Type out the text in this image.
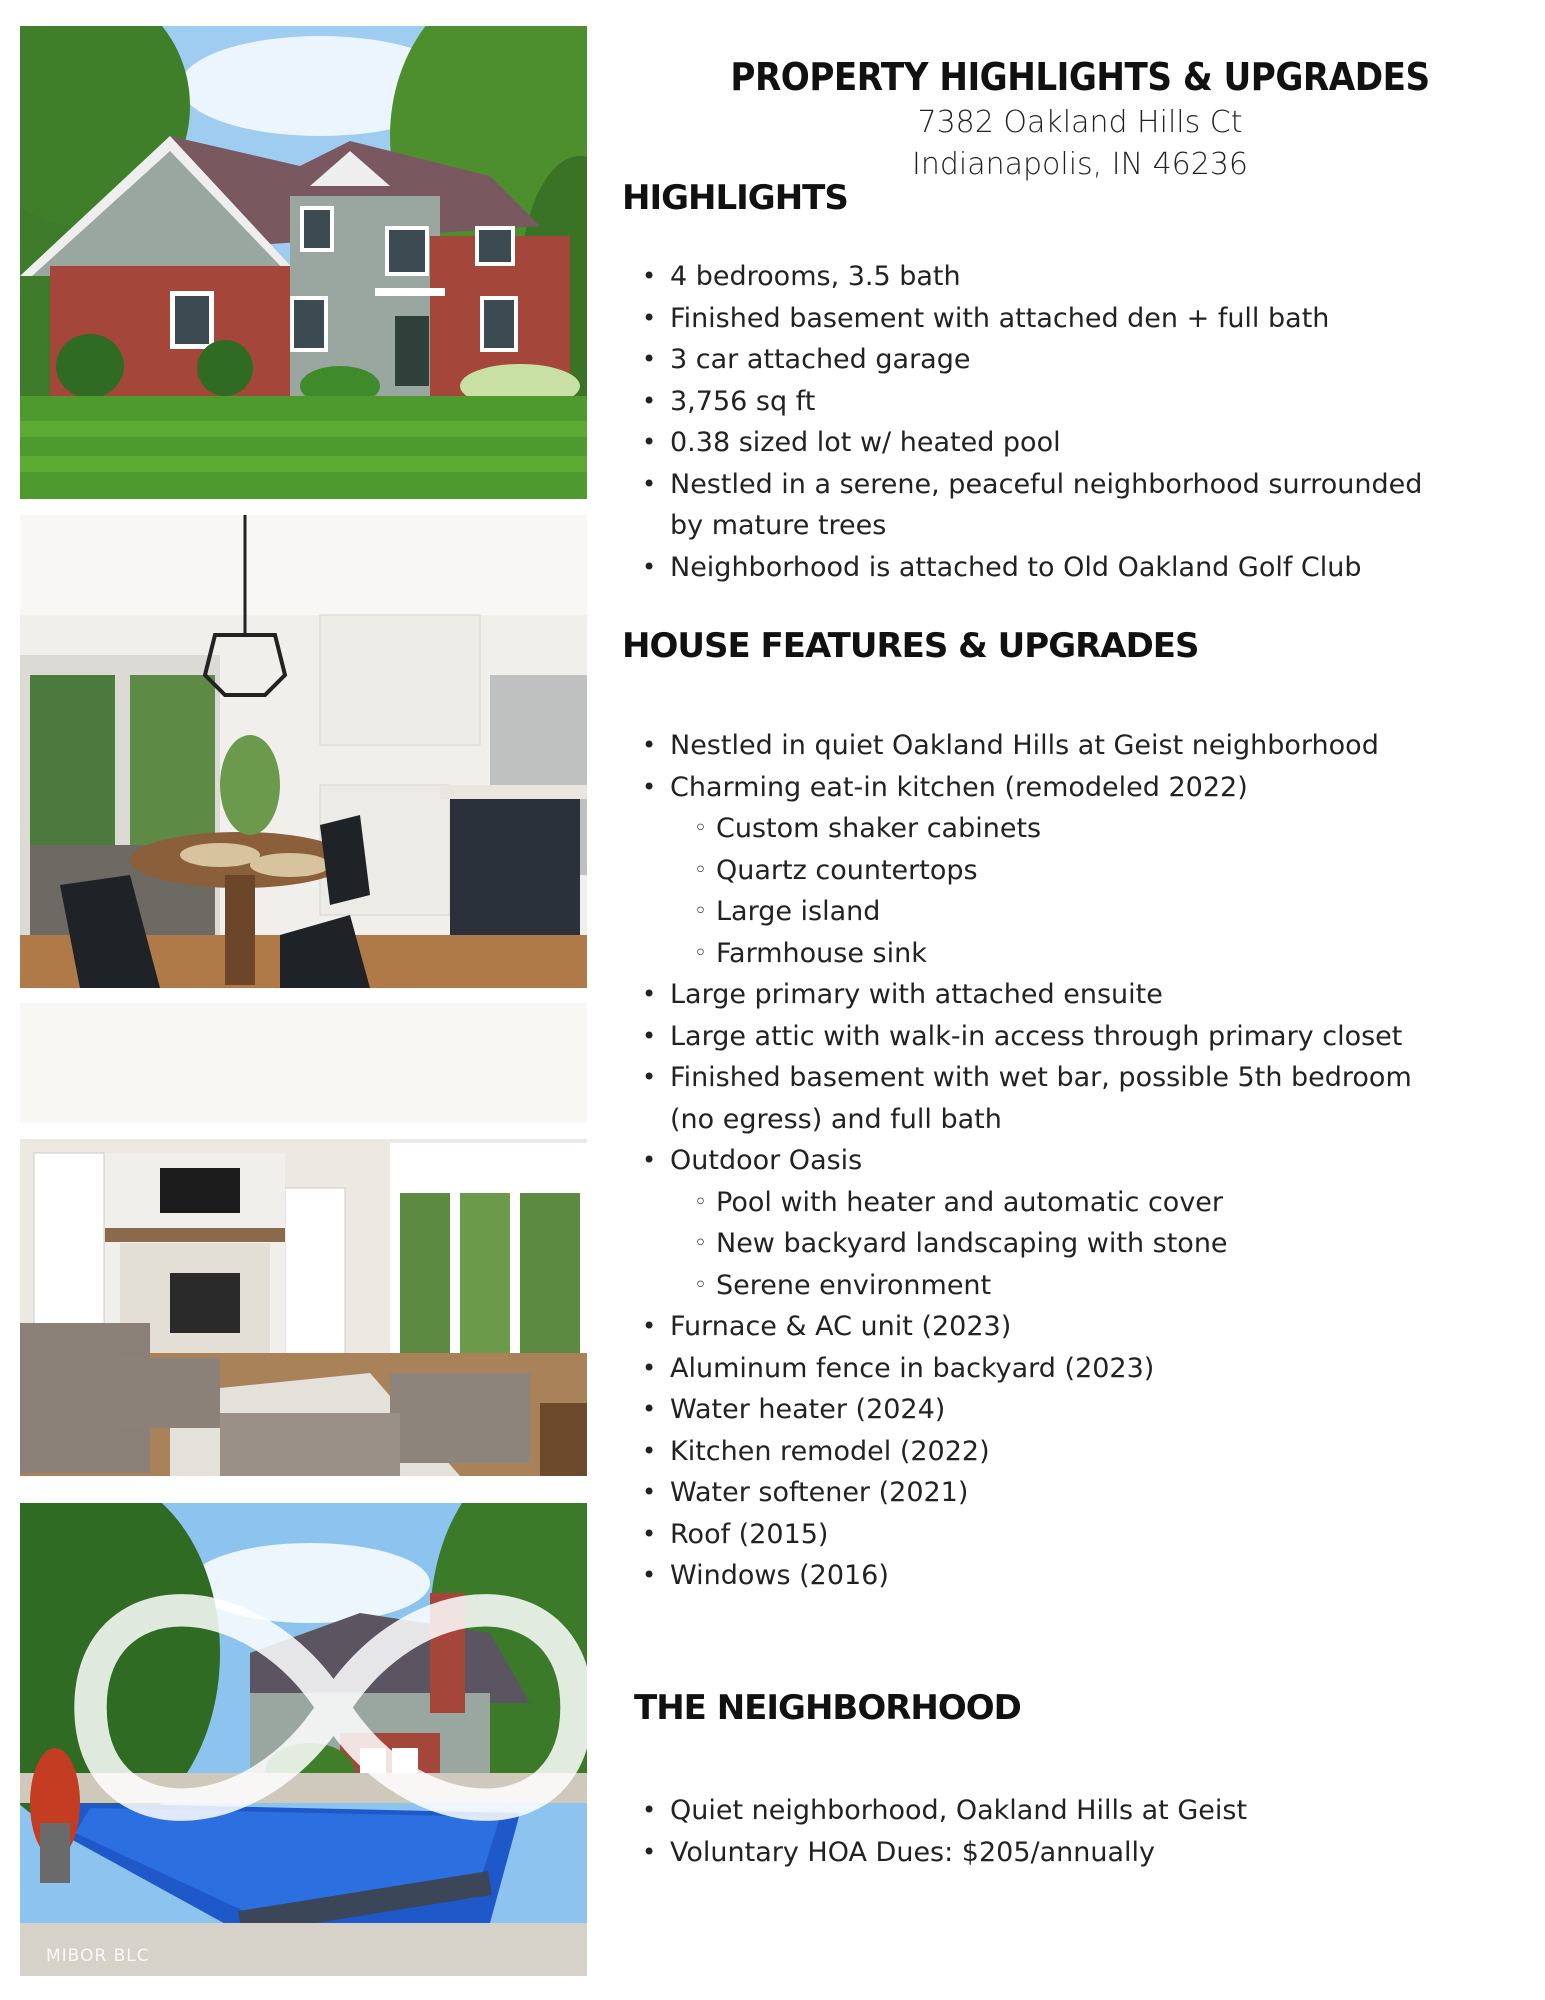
MIBOR BLC
PROPERTY HIGHLIGHTS & UPGRADES
7382 Oakland Hills Ct
Indianapolis, IN 46236
HIGHLIGHTS
• 4 bedrooms, 3.5 bath
• Finished basement with attached den + full bath
• 3 car attached garage
• 3,756 sq ft
• 0.38 sized lot w/ heated pool
• Nestled in a serene, peaceful neighborhood surrounded by mature trees
• Neighborhood is attached to Old Oakland Golf Club
HOUSE FEATURES & UPGRADES
• Nestled in quiet Oakland Hills at Geist neighborhood
• Charming eat-in kitchen (remodeled 2022)
◦ Custom shaker cabinets
◦ Quartz countertops
◦ Large island
◦ Farmhouse sink
• Large primary with attached ensuite
• Large attic with walk-in access through primary closet
• Finished basement with wet bar, possible 5th bedroom (no egress) and full bath
• Outdoor Oasis
◦ Pool with heater and automatic cover
◦ New backyard landscaping with stone
◦ Serene environment
• Furnace & AC unit (2023)
• Aluminum fence in backyard (2023)
• Water heater (2024)
• Kitchen remodel (2022)
• Water softener (2021)
• Roof (2015)
• Windows (2016)
THE NEIGHBORHOOD
• Quiet neighborhood, Oakland Hills at Geist
• Voluntary HOA Dues: $205/annually
